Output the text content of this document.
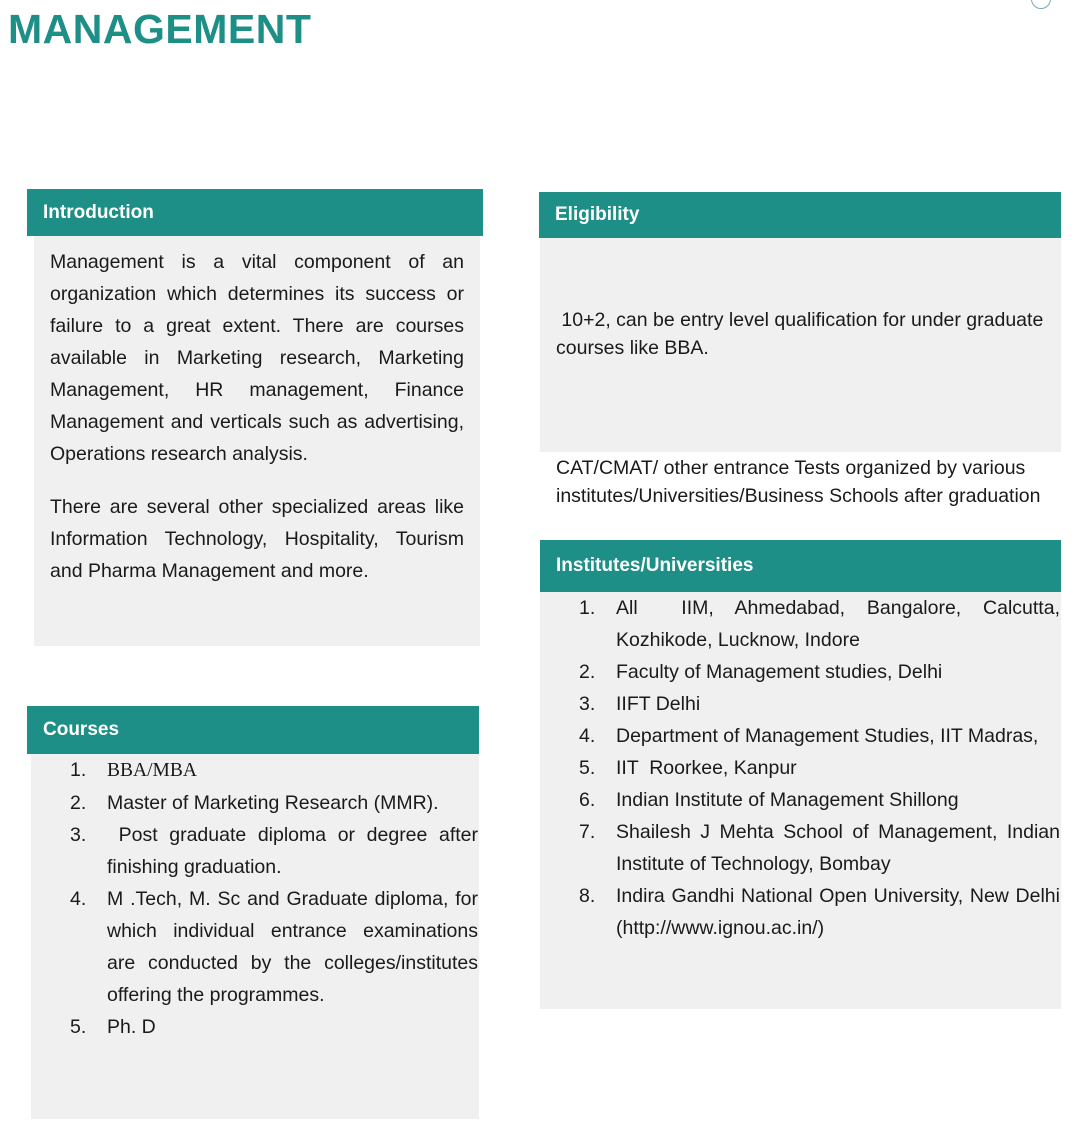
MANAGEMENT
Introduction

Management is a vital component of an organization which determines its success or failure to a great extent. There are courses available in Marketing research, Marketing Management, HR management, Finance Management and verticals such as advertising, Operations research analysis.

There are several other specialized areas like Information Technology, Hospitality, Tourism and Pharma Management and more.

Eligibility

10+2, can be entry level qualification for under graduate courses like BBA.

CAT/CMAT/ other entrance Tests organized by various institutes/Universities/Business Schools after graduation

Courses
1. BBA/MBA
2. Master of Marketing Research (MMR).
3. Post graduate diploma or degree after finishing graduation.
4. M .Tech, M. Sc and Graduate diploma, for which individual entrance examinations are conducted by the colleges/institutes offering the programmes.
5. Ph. D
Institutes/Universities
1. All  IIM, Ahmedabad, Bangalore, Calcutta, Kozhikode, Lucknow, Indore
2. Faculty of Management studies, Delhi
3. IIFT Delhi
4. Department of Management Studies, IIT Madras,
5. IIT  Roorkee, Kanpur
6. Indian Institute of Management Shillong
7. Shailesh J Mehta School of Management, Indian Institute of Technology, Bombay
8. Indira Gandhi National Open University, New Delhi (http://www.ignou.ac.in/)
